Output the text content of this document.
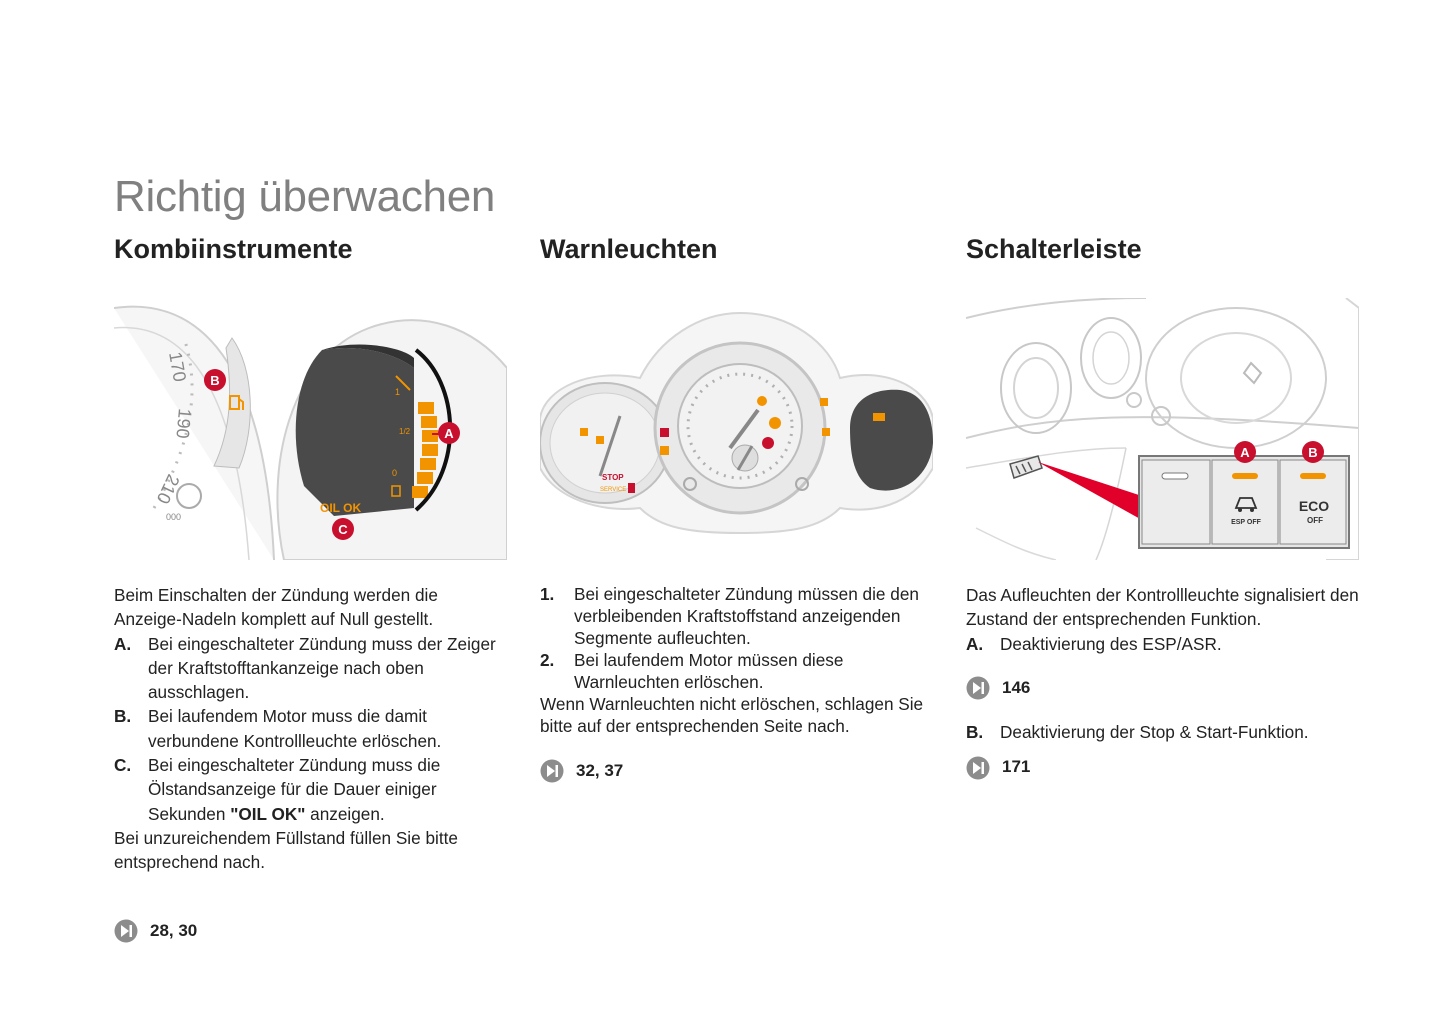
Richtig überwachen
Kombiinstrumente
170
190
210
000
1
1/2
0
OIL OK
B
A
C

Beim Einschalten der Zündung werden die Anzeige-Nadeln komplett auf Null gestellt.

A. Bei eingeschalteter Zündung muss der Zeiger der Kraftstofftankanzeige nach oben ausschlagen.
B. Bei laufendem Motor muss die damit verbundene Kontrollleuchte erlöschen.
C. Bei eingeschalteter Zündung muss die Ölstandsanzeige für die Dauer einiger Sekunden "OIL OK" anzeigen.

Bei unzureichendem Füllstand füllen Sie bitte entsprechend nach.

28, 30
Warnleuchten
STOP
SERVICE
1.	Bei eingeschalteter Zündung müssen die den verbleibenden Kraftstoffstand anzeigenden Segmente aufleuchten.
2.	Bei laufendem Motor müssen diese Warnleuchten erlöschen.

Wenn Warnleuchten nicht erlöschen, schlagen Sie bitte auf der entsprechenden Seite nach.

32, 37
Schalterleiste
ESP OFF
ECO
OFF
A	B

Das Aufleuchten der Kontrollleuchte signalisiert den Zustand der entsprechenden Funktion.

A. Deaktivierung des ESP/ASR.
146
B. Deaktivierung der Stop & Start-Funktion.
171
